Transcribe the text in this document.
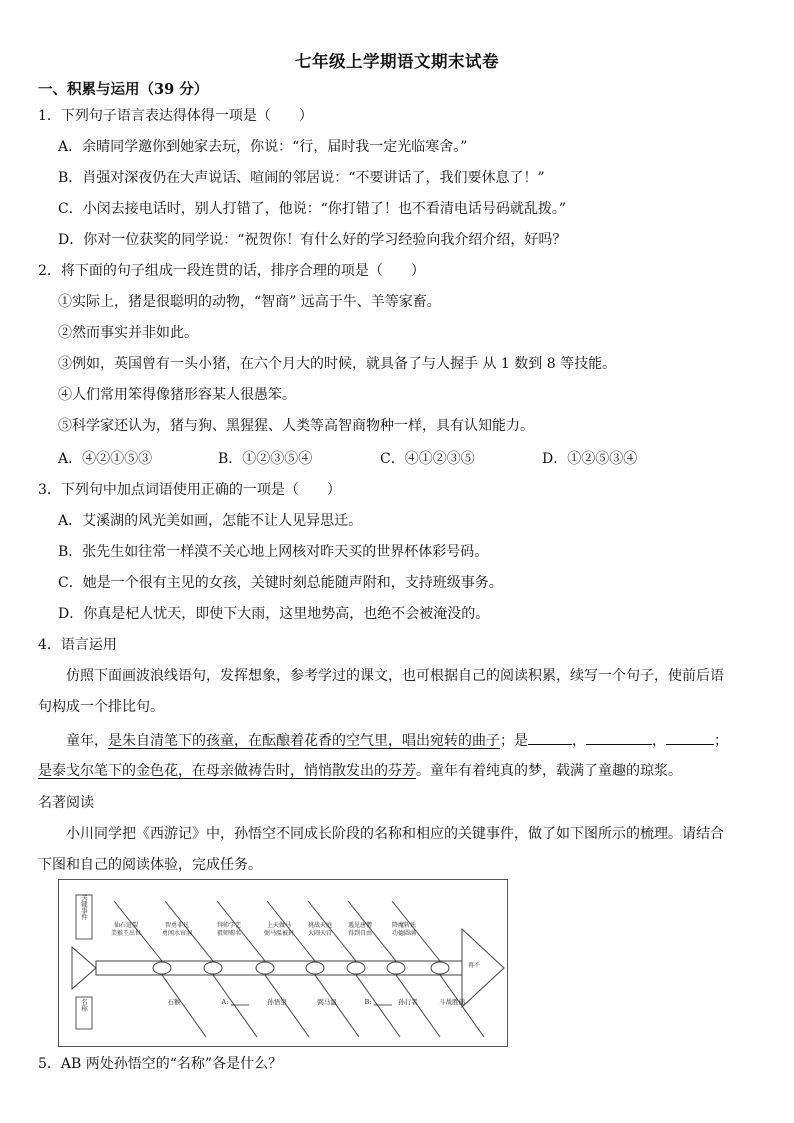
七年级上学期语文期末试卷
一、积累与运用（39 分）
1．下列句子语言表达得体得一项是（　　）
A．余晴同学邀你到她家去玩，你说：“行，届时我一定光临寒舍。”
B．肖强对深夜仍在大声说话、喧闹的邻居说：“不要讲话了，我们要休息了！”
C．小闵去接电话时，别人打错了，他说：“你打错了！也不看清电话号码就乱拨。”
D．你对一位获奖的同学说：“祝贺你！有什么好的学习经验向我介绍介绍，好吗？
2．将下面的句子组成一段连贯的话，排序合理的项是（　　）
①实际上，猪是很聪明的动物，“智商” 远高于牛、羊等家畜。
②然而事实并非如此。
③例如，英国曾有一头小猪，在六个月大的时候，就具备了与人握手 从 1 数到 8 等技能。
④人们常用笨得像猪形容某人很愚笨。
⑤科学家还认为，猪与狗、黑猩猩、人类等高智商物种一样，具有认知能力。
A．④②①⑤③	B．①②③⑤④	C．④①②③⑤	D．①②⑤③④
3．下列句中加点词语使用正确的一项是（　　）
A．艾溪湖的风光美如画，怎能不让人见异思迁。
B．张先生如往常一样漠不关心地上网核对昨天买的世界杯体彩号码。
C．她是一个很有主见的女孩，关键时刻总能随声附和，支持班级事务。
D．你真是杞人忧天，即使下大雨，这里地势高，也绝不会被淹没的。
4．语言运用
仿照下面画波浪线语句，发挥想象，参考学过的课文，也可根据自己的阅读积累，续写一个句子，使前后语
句构成一个排比句。
童年，是朱自清笔下的孩童，在酝酿着花香的空气里，唱出宛转的曲子；是	，	，	；
是泰戈尔笔下的金色花，在母亲做祷告时，悄悄散发出的芬芳。童年有着纯真的梦，载满了童趣的琼浆。
名著阅读
小川同学把《西游记》中，孙悟空不同成长阶段的名称和相应的关键事件，做了如下图所示的梳理。请结合
下图和自己的阅读体验，完成任务。
再不
关键事件
名称
仙石迸裂
美猴王出世
石猴
智勇非凡
勇闯水帘洞
A:
拜师学艺
祖师赐名
孙悟空
上天做马
弼马温被封
弼马温
挑战天庭
大闹天宫
B:
遇见唐僧
得到自由
孙行者
降魔斩妖
功德圆满
斗战胜佛
5．AB 两处孙悟空的“名称”各是什么？
